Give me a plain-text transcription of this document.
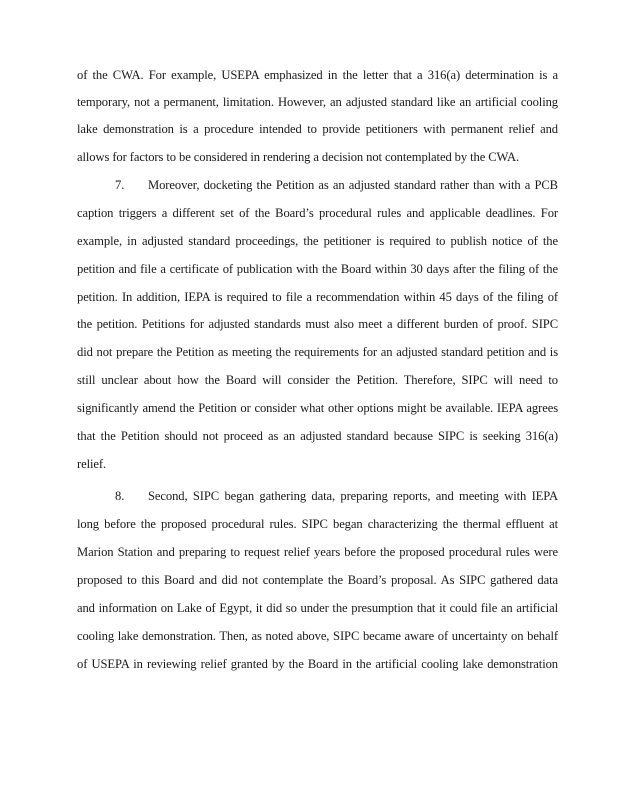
of the CWA. For example, USEPA emphasized in the letter that a 316(a) determination is a
temporary, not a permanent, limitation. However, an adjusted standard like an artificial cooling
lake demonstration is a procedure intended to provide petitioners with permanent relief and
allows for factors to be considered in rendering a decision not contemplated by the CWA.
7.	Moreover, docketing the Petition as an adjusted standard rather than with a PCB
caption triggers a different set of the Board’s procedural rules and applicable deadlines. For
example, in adjusted standard proceedings, the petitioner is required to publish notice of the
petition and file a certificate of publication with the Board within 30 days after the filing of the
petition. In addition, IEPA is required to file a recommendation within 45 days of the filing of
the petition. Petitions for adjusted standards must also meet a different burden of proof. SIPC
did not prepare the Petition as meeting the requirements for an adjusted standard petition and is
still unclear about how the Board will consider the Petition. Therefore, SIPC will need to
significantly amend the Petition or consider what other options might be available. IEPA agrees
that the Petition should not proceed as an adjusted standard because SIPC is seeking 316(a)
relief.
8.	Second, SIPC began gathering data, preparing reports, and meeting with IEPA
long before the proposed procedural rules. SIPC began characterizing the thermal effluent at
Marion Station and preparing to request relief years before the proposed procedural rules were
proposed to this Board and did not contemplate the Board’s proposal. As SIPC gathered data
and information on Lake of Egypt, it did so under the presumption that it could file an artificial
cooling lake demonstration. Then, as noted above, SIPC became aware of uncertainty on behalf
of USEPA in reviewing relief granted by the Board in the artificial cooling lake demonstration
